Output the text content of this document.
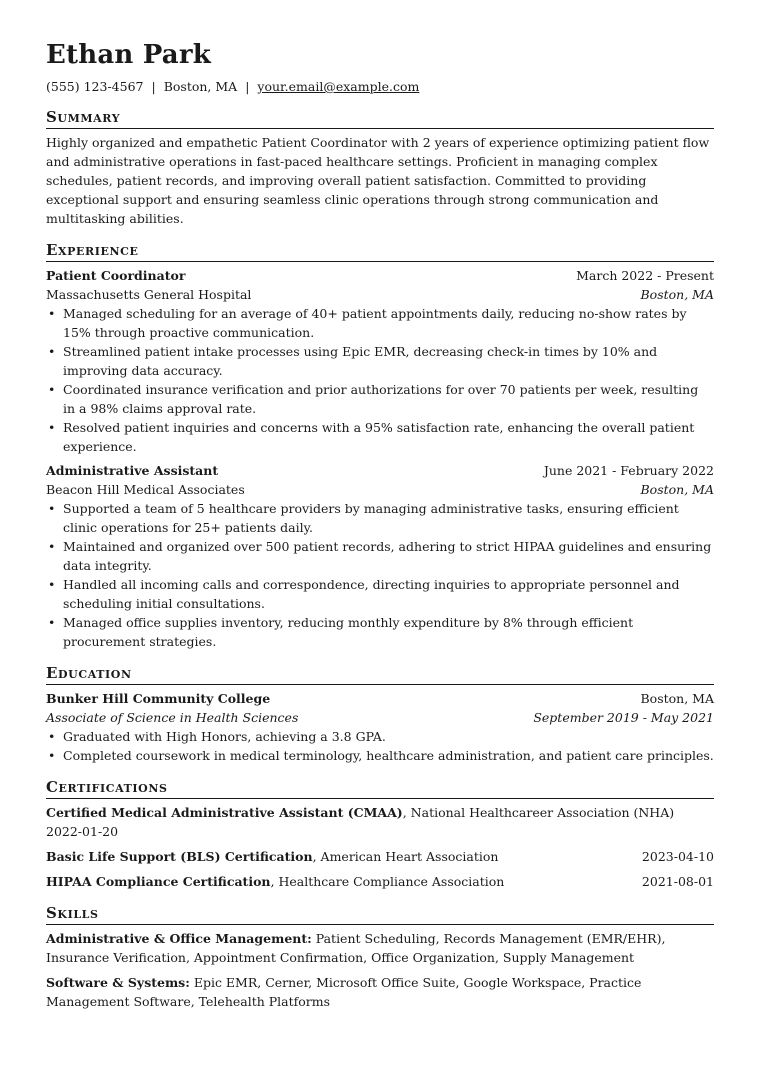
Ethan Park
(555) 123-4567 | Boston, MA | your.email@example.com
Summary
Highly organized and empathetic Patient Coordinator with 2 years of experience optimizing patient flow and administrative operations in fast-paced healthcare settings. Proficient in managing complex schedules, patient records, and improving overall patient satisfaction. Committed to providing exceptional support and ensuring seamless clinic operations through strong communication and multitasking abilities.
Experience
Patient Coordinator	March 2022 - Present
Massachusetts General Hospital	Boston, MA
• Managed scheduling for an average of 40+ patient appointments daily, reducing no-show rates by 15% through proactive communication.
• Streamlined patient intake processes using Epic EMR, decreasing check-in times by 10% and improving data accuracy.
• Coordinated insurance verification and prior authorizations for over 70 patients per week, resulting in a 98% claims approval rate.
• Resolved patient inquiries and concerns with a 95% satisfaction rate, enhancing the overall patient experience.
Administrative Assistant	June 2021 - February 2022
Beacon Hill Medical Associates	Boston, MA
• Supported a team of 5 healthcare providers by managing administrative tasks, ensuring efficient clinic operations for 25+ patients daily.
• Maintained and organized over 500 patient records, adhering to strict HIPAA guidelines and ensuring data integrity.
• Handled all incoming calls and correspondence, directing inquiries to appropriate personnel and scheduling initial consultations.
• Managed office supplies inventory, reducing monthly expenditure by 8% through efficient procurement strategies.
Education
Bunker Hill Community College	Boston, MA
Associate of Science in Health Sciences	September 2019 - May 2021
• Graduated with High Honors, achieving a 3.8 GPA.
• Completed coursework in medical terminology, healthcare administration, and patient care principles.
Certifications
Certified Medical Administrative Assistant (CMAA), National Healthcareer Association (NHA)
2022-01-20
Basic Life Support (BLS) Certification, American Heart Association	2023-04-10
HIPAA Compliance Certification, Healthcare Compliance Association	2021-08-01
Skills
Administrative & Office Management: Patient Scheduling, Records Management (EMR/EHR), Insurance Verification, Appointment Confirmation, Office Organization, Supply Management
Software & Systems: Epic EMR, Cerner, Microsoft Office Suite, Google Workspace, Practice Management Software, Telehealth Platforms
